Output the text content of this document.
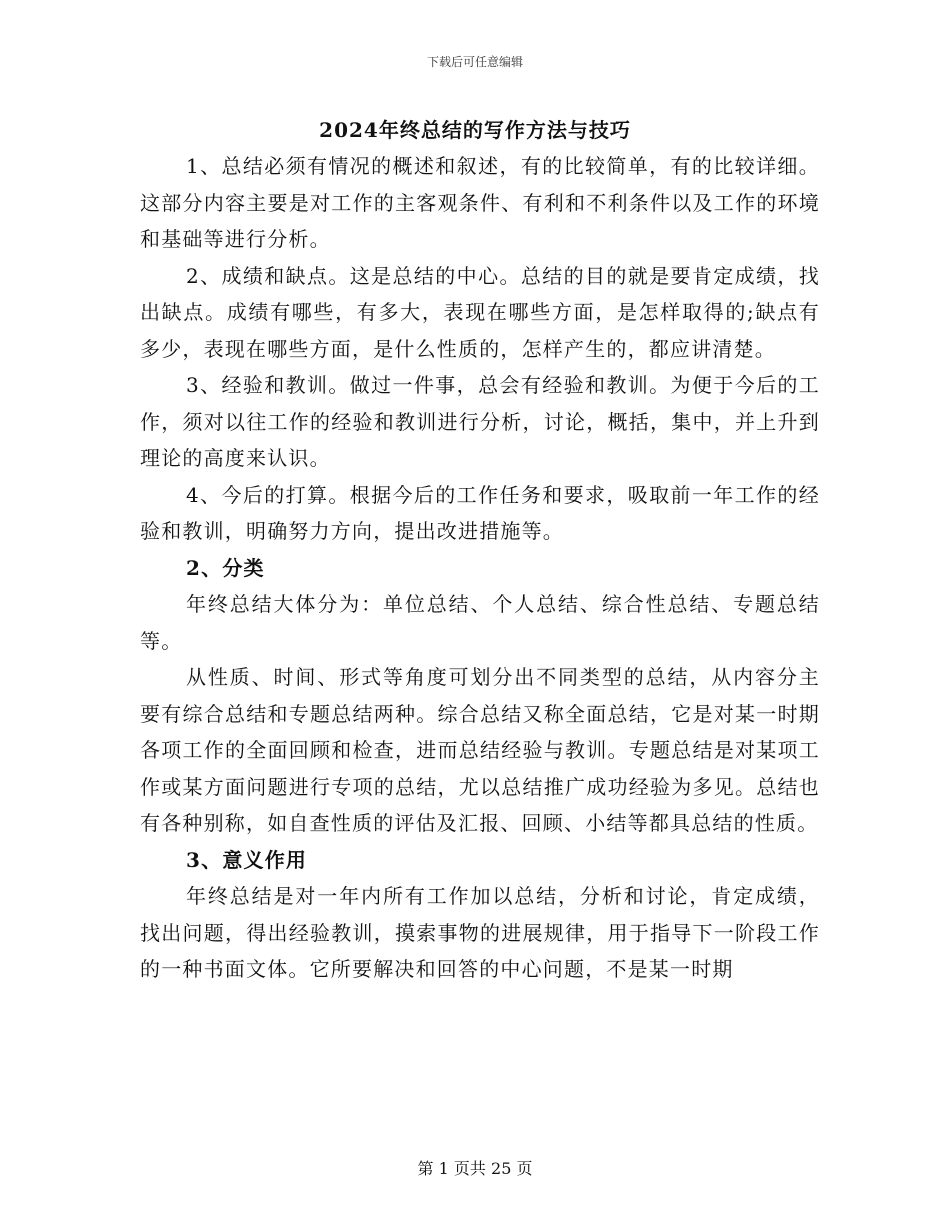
下载后可任意编辑
2024年终总结的写作方法与技巧

1、总结必须有情况的概述和叙述，有的比较简单，有的比较详细。这部分内容主要是对工作的主客观条件、有利和不利条件以及工作的环境和基础等进行分析。

2、成绩和缺点。这是总结的中心。总结的目的就是要肯定成绩，找出缺点。成绩有哪些，有多大，表现在哪些方面，是怎样取得的;缺点有多少，表现在哪些方面，是什么性质的，怎样产生的，都应讲清楚。

3、经验和教训。做过一件事，总会有经验和教训。为便于今后的工作，须对以往工作的经验和教训进行分析，讨论，概括，集中，并上升到理论的高度来认识。

4、今后的打算。根据今后的工作任务和要求，吸取前一年工作的经验和教训，明确努力方向，提出改进措施等。

2、分类

年终总结大体分为：单位总结、个人总结、综合性总结、专题总结等。

从性质、时间、形式等角度可划分出不同类型的总结，从内容分主要有综合总结和专题总结两种。综合总结又称全面总结，它是对某一时期各项工作的全面回顾和检查，进而总结经验与教训。专题总结是对某项工作或某方面问题进行专项的总结，尤以总结推广成功经验为多见。总结也有各种别称，如自查性质的评估及汇报、回顾、小结等都具总结的性质。

3、意义作用

年终总结是对一年内所有工作加以总结，分析和讨论，肯定成绩，找出问题，得出经验教训，摸索事物的进展规律，用于指导下一阶段工作的一种书面文体。它所要解决和回答的中心问题，不是某一时期

第 1 页共 25 页
